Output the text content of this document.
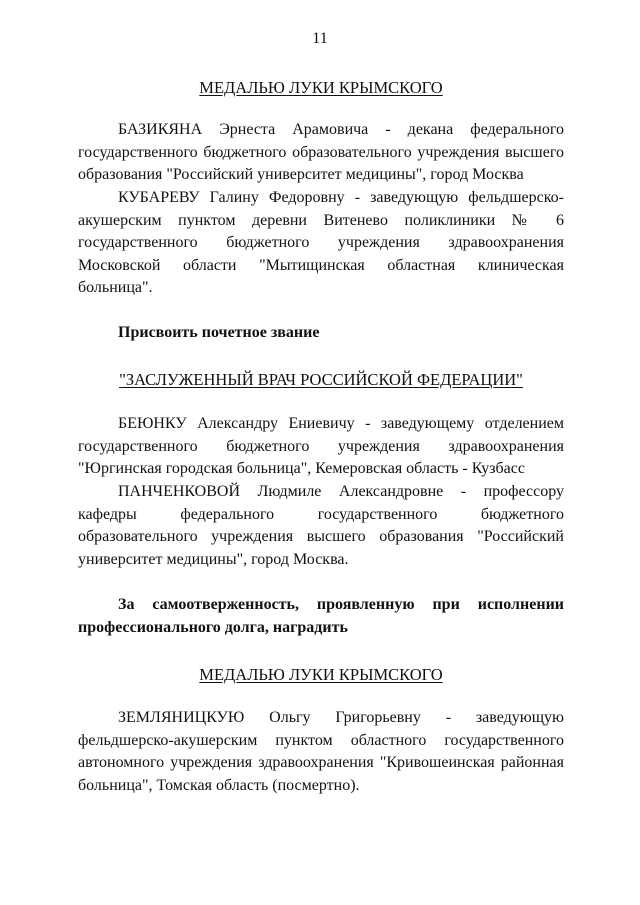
11
МЕДАЛЬЮ ЛУКИ КРЫМСКОГО
БАЗИКЯНА Эрнеста Арамовича - декана федерального государственного бюджетного образовательного учреждения высшего образования "Российский университет медицины", город Москва
КУБАРЕВУ Галину Федоровну - заведующую фельдшерско-акушерским пунктом деревни Витенево поликлиники № 6 государственного бюджетного учреждения здравоохранения Московской области "Мытищинская областная клиническая больница".
Присвоить почетное звание
"ЗАСЛУЖЕННЫЙ ВРАЧ РОССИЙСКОЙ ФЕДЕРАЦИИ"
БЕЮНКУ Александру Ениевичу - заведующему отделением государственного бюджетного учреждения здравоохранения "Юргинская городская больница", Кемеровская область - Кузбасс
ПАНЧЕНКОВОЙ Людмиле Александровне - профессору кафедры федерального государственного бюджетного образовательного учреждения высшего образования "Российский университет медицины", город Москва.
За самоотверженность, проявленную при исполнении профессионального долга, наградить
МЕДАЛЬЮ ЛУКИ КРЫМСКОГО
ЗЕМЛЯНИЦКУЮ Ольгу Григорьевну - заведующую фельдшерско-акушерским пунктом областного государственного автономного учреждения здравоохранения "Кривошеинская районная больница", Томская область (посмертно).
